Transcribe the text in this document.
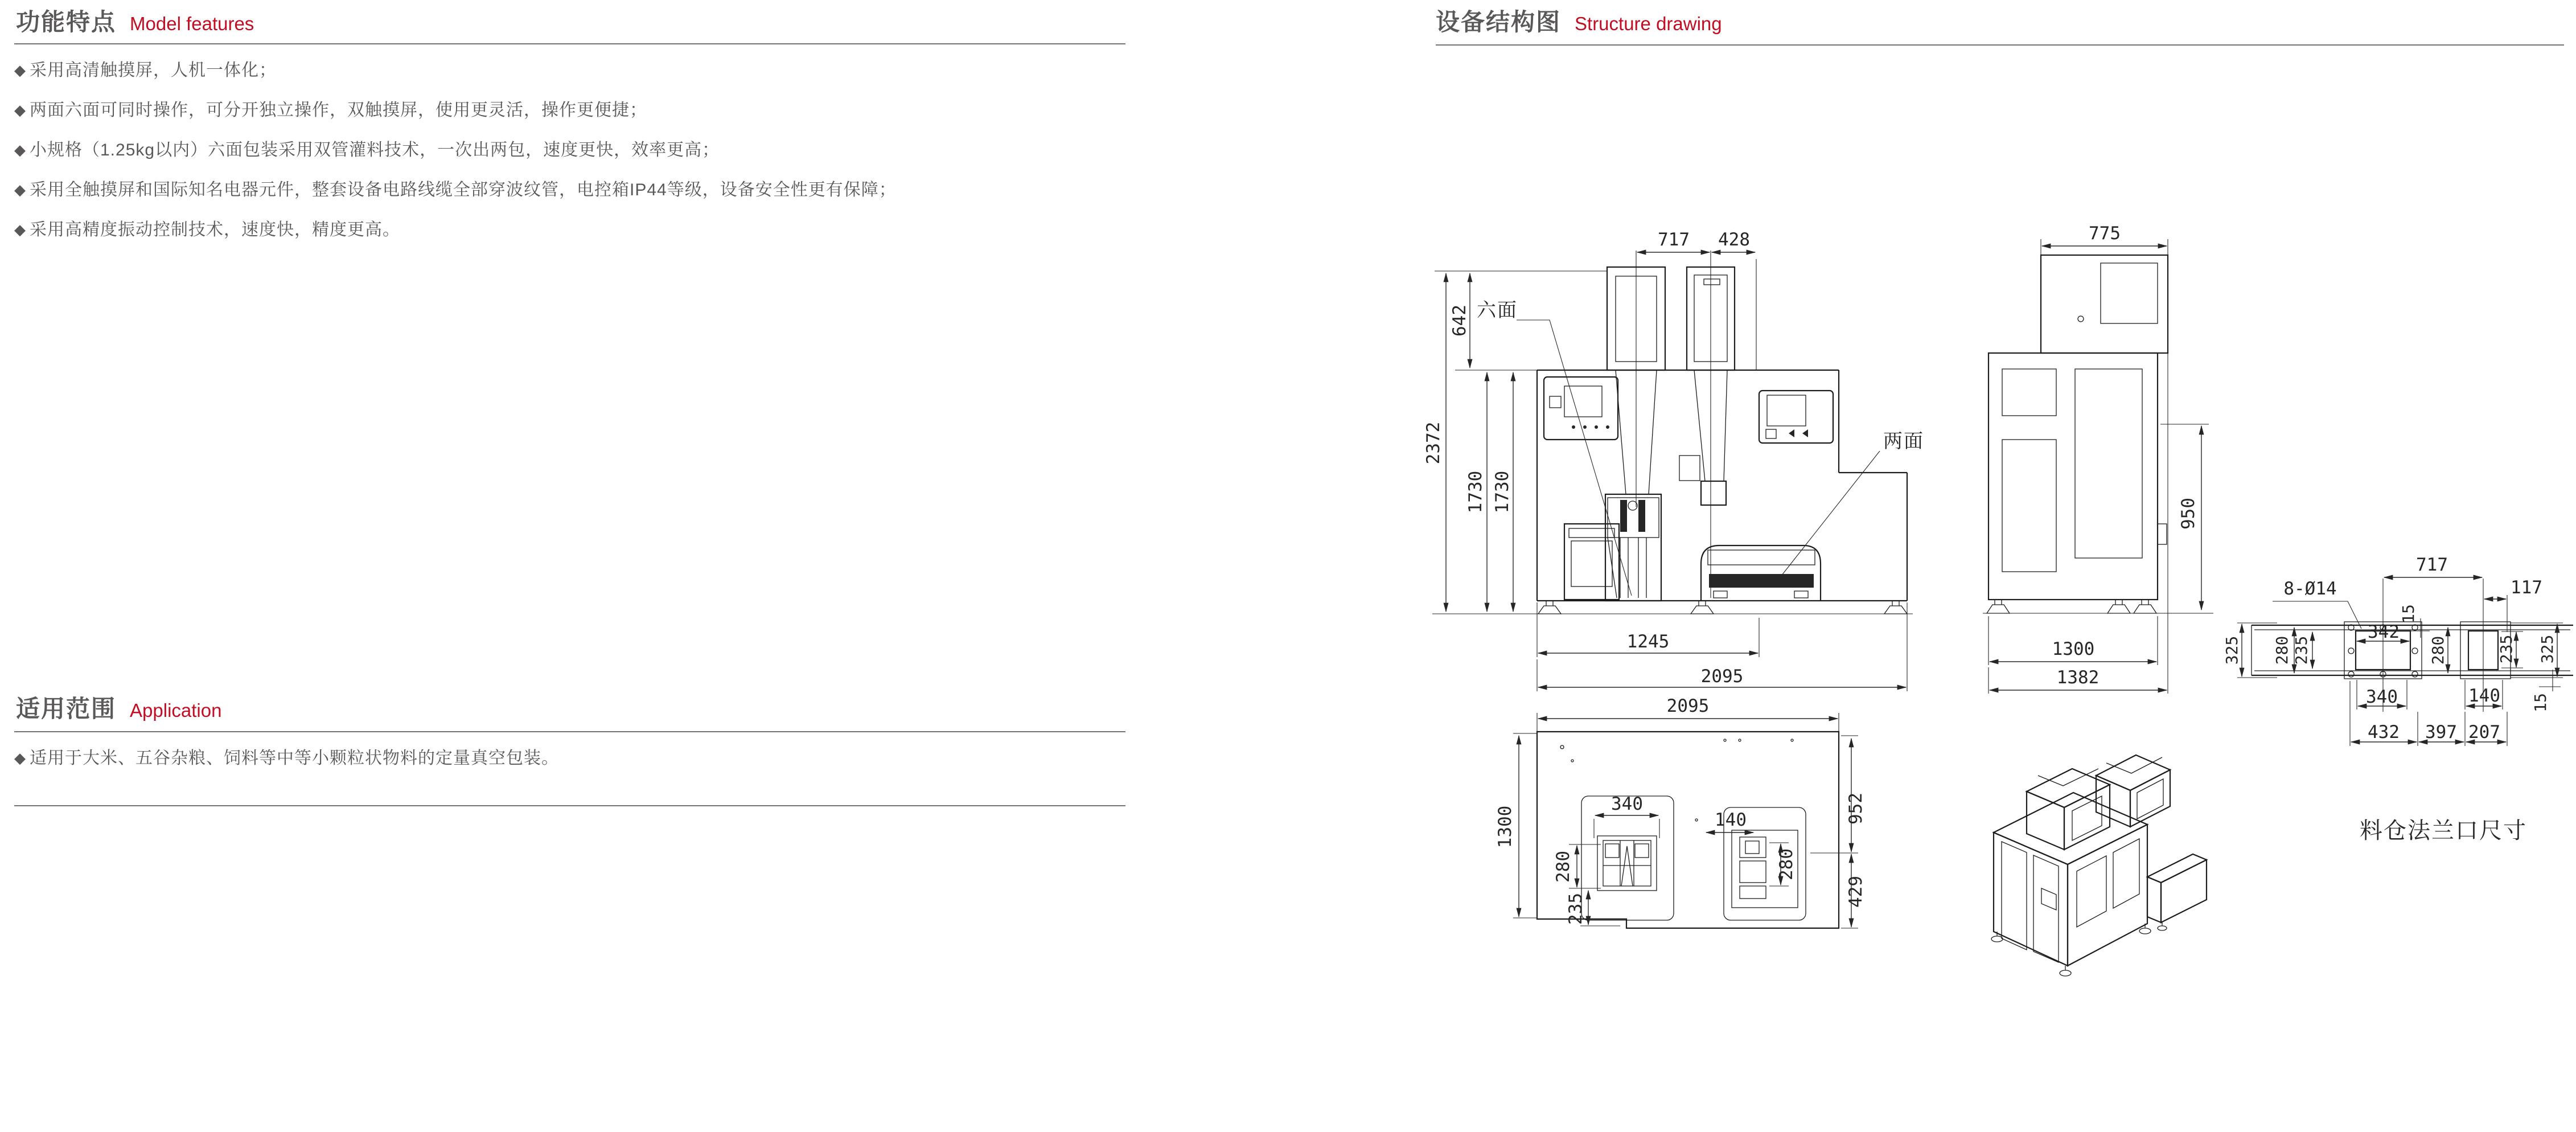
功能特点 Model features
◆ 采用高清触摸屏，人机一体化；
◆ 两面六面可同时操作，可分开独立操作，双触摸屏，使用更灵活，操作更便捷；
◆ 小规格（1.25kg以内）六面包装采用双管灌料技术，一次出两包，速度更快，效率更高；
◆ 采用全触摸屏和国际知名电器元件，整套设备电路线缆全部穿波纹管，电控箱IP44等级，设备安全性更有保障；
◆ 采用高精度振动控制技术，速度快，精度更高。
适用范围 Application
◆ 适用于大米、五谷杂粮、饲料等中等小颗粒状物料的定量真空包装。
设备结构图 Structure drawing
717 428
642
2372
1730 1730
六面
两面
1245
2095
775
950
1300
1382
2095
1300
340
140
280
235
280
952
429
8-Ø14
717
117
15
342
325 280 235	280	235 325
340	140 15
432 397 207
料仓法兰口尺寸
